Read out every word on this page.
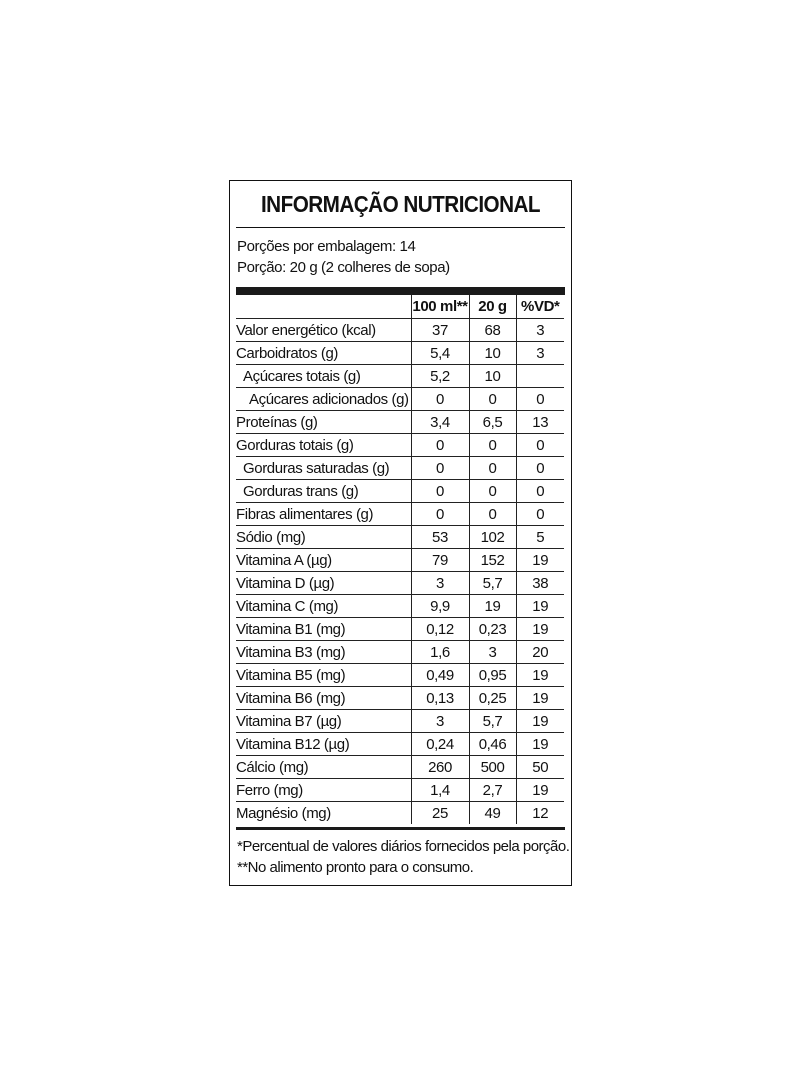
INFORMAÇÃO NUTRICIONAL
Porções por embalagem: 14
Porção: 20 g (2 colheres de sopa)
	100 ml**	20 g	%VD*
Valor energético (kcal)	37	68	3
Carboidratos (g)	5,4	10	3
Açúcares totais (g)	5,2	10	
Açúcares adicionados (g)	0	0	0
Proteínas (g)	3,4	6,5	13
Gorduras totais (g)	0	0	0
Gorduras saturadas (g)	0	0	0
Gorduras trans (g)	0	0	0
Fibras alimentares (g)	0	0	0
Sódio (mg)	53	102	5
Vitamina A (µg)	79	152	19
Vitamina D (µg)	3	5,7	38
Vitamina C (mg)	9,9	19	19
Vitamina B1 (mg)	0,12	0,23	19
Vitamina B3 (mg)	1,6	3	20
Vitamina B5 (mg)	0,49	0,95	19
Vitamina B6 (mg)	0,13	0,25	19
Vitamina B7 (µg)	3	5,7	19
Vitamina B12 (µg)	0,24	0,46	19
Cálcio (mg)	260	500	50
Ferro (mg)	1,4	2,7	19
Magnésio (mg)	25	49	12
*Percentual de valores diários fornecidos pela porção.
**No alimento pronto para o consumo.
